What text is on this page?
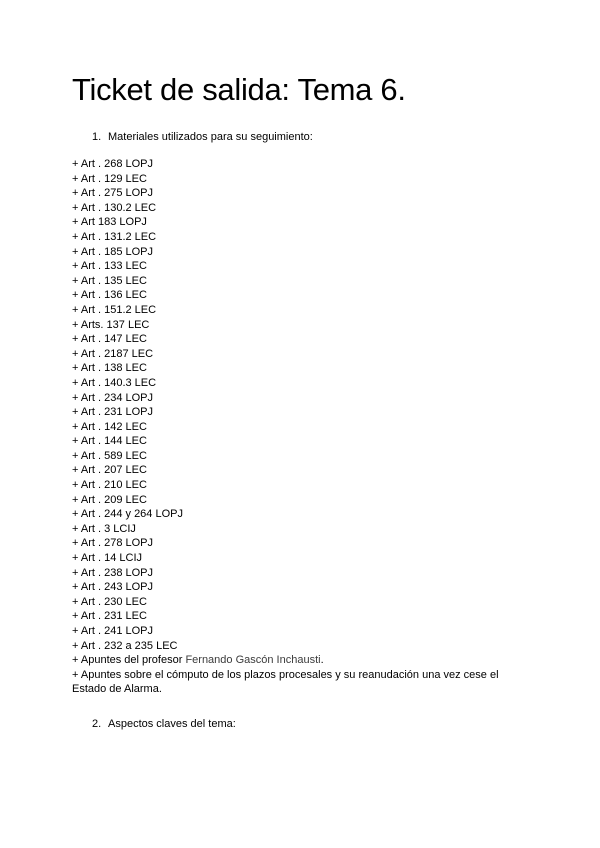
Ticket de salida: Tema 6.
1. Materiales utilizados para su seguimiento:
+ Art . 268 LOPJ
+ Art . 129 LEC
+ Art . 275 LOPJ
+ Art . 130.2 LEC
+ Art 183 LOPJ
+ Art . 131.2 LEC
+ Art . 185 LOPJ
+ Art . 133 LEC
+ Art . 135 LEC
+ Art . 136 LEC
+ Art . 151.2 LEC
+ Arts. 137 LEC
+ Art . 147 LEC
+ Art . 2187 LEC
+ Art . 138 LEC
+ Art . 140.3 LEC
+ Art . 234 LOPJ
+ Art . 231 LOPJ
+ Art . 142 LEC
+ Art . 144 LEC
+ Art . 589 LEC
+ Art . 207 LEC
+ Art . 210 LEC
+ Art . 209 LEC
+ Art . 244 y 264 LOPJ
+ Art . 3 LCIJ
+ Art . 278 LOPJ
+ Art . 14 LCIJ
+ Art . 238 LOPJ
+ Art . 243 LOPJ
+ Art . 230 LEC
+ Art . 231 LEC
+ Art . 241 LOPJ
+ Art . 232 a 235 LEC
+ Apuntes del profesor Fernando Gascón Inchausti.
+ Apuntes sobre el cómputo de los plazos procesales y su reanudación una vez cese el Estado de Alarma.
2. Aspectos claves del tema:
